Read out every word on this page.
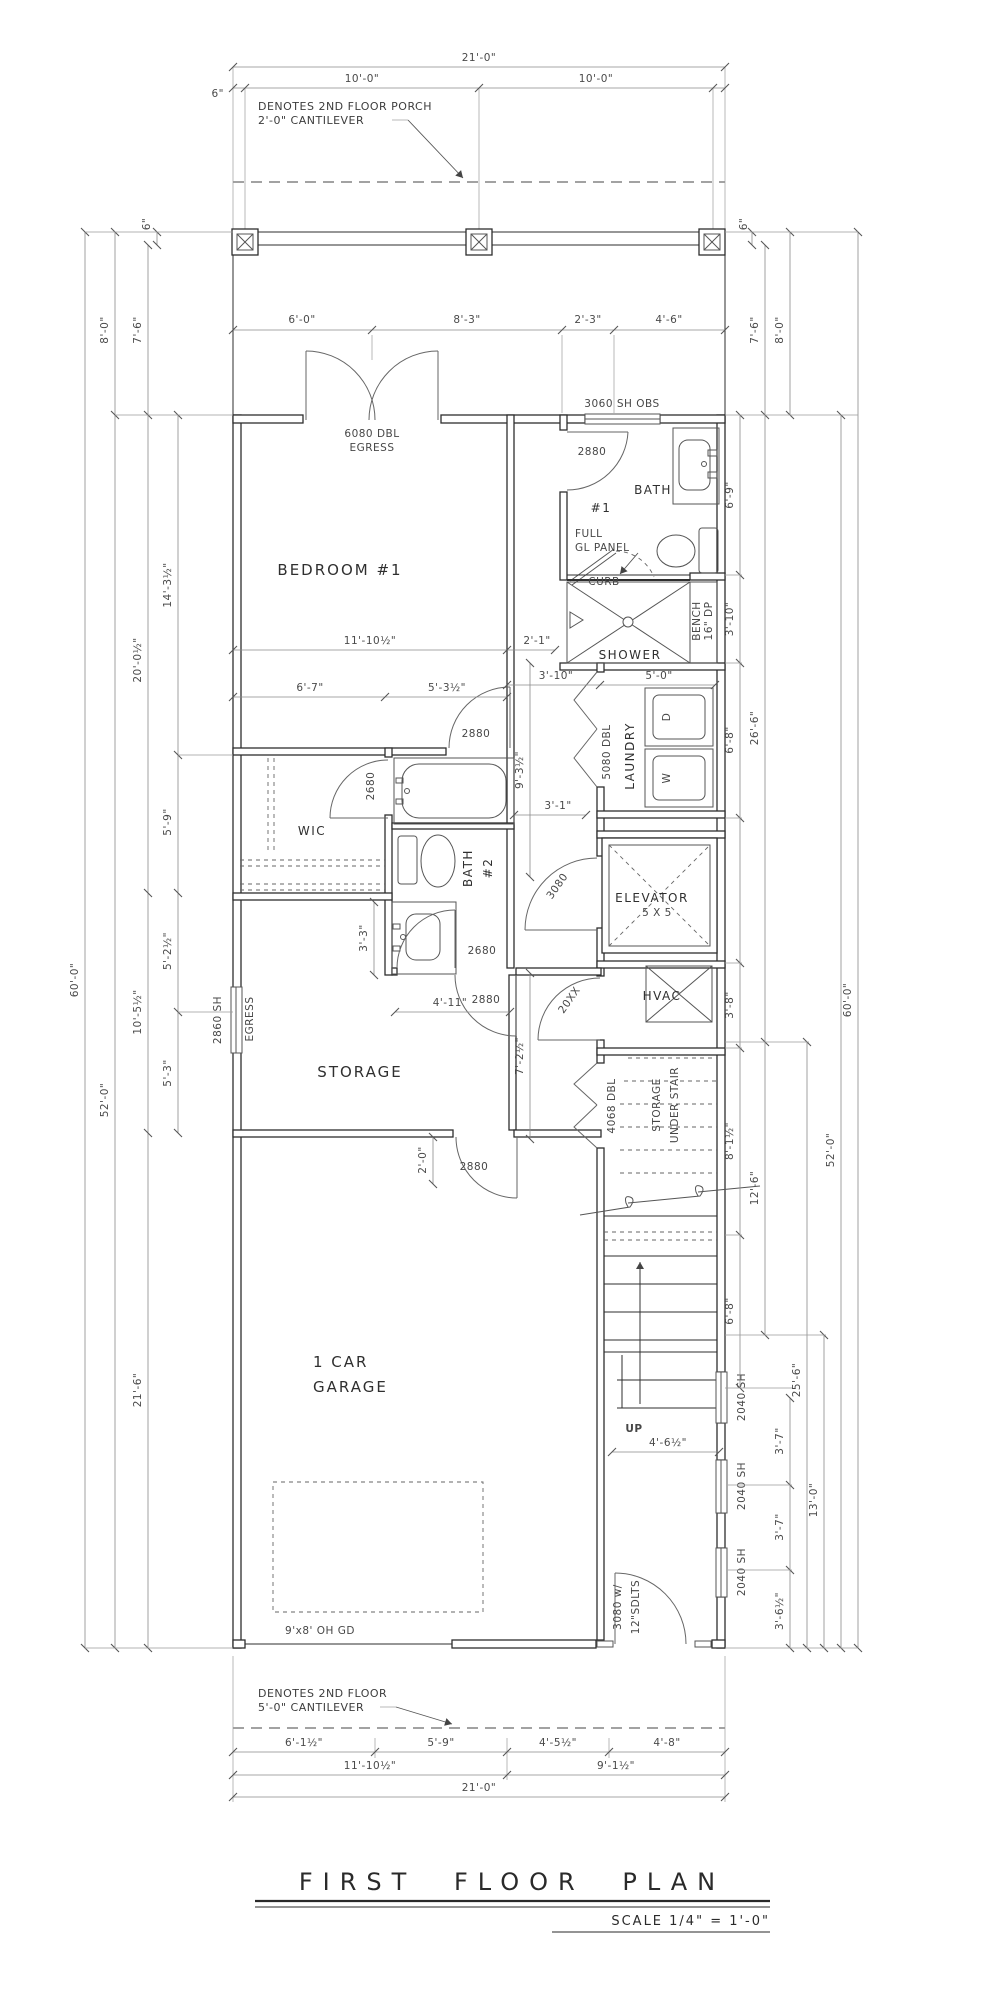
DENOTES 2ND FLOOR PORCH
2'-0" CANTILEVER
21'-0"
6"
10'-0"	10'-0"
6'-0"	8'-3"	2'-3"	4'-6"
6080 DBL
EGRESS
3060 SH OBS
2880
BATH
#1
FULL
GL PANEL
CURB
SHOWER
BENCH 16" DP
5080 DBL LAUNDRY
D
W
BEDROOM #1
2880
WIC
2680
BATH #2
2680
2880
ELEVATOR
5 X 5
3080
HVAC
20XX
STORAGE
2860 SH EGRESS
2880
2'-0"
4068 DBL	STORAGE UNDER STAIR
UP
4'-6½"
2040 SH
2040 SH
2040 SH
3080 w/ 12"SDLTS
1 CAR
GARAGE
9'x8' OH GD
DENOTES 2ND FLOOR
5'-0" CANTILEVER
11'-10½"	2'-1"
6'-7"	5'-3½"
3'-10"	5'-0"
3'-1"
9'-3½"
7'-2½"
3'-3"
4'-11"
60'-0"
8'-0"
52'-0"
7'-6"
20'-0½"
10'-5½"
21'-6"
14'-3½"
5'-9"
5'-2½"
5'-3"
6"
6'-9"
3'-10"
6'-8"
3'-8"
8'-1½"
6'-8"
7'-6"
26'-6"
12'-6"
8'-0"
3'-7"
3'-7"
3'-6½"
25'-6"
13'-0"
52'-0"
60'-0"
6"
6'-1½"	5'-9"	4'-5½"	4'-8"
11'-10½"	9'-1½"
21'-0"
FIRST FLOOR PLAN
SCALE 1/4" = 1'-0"
